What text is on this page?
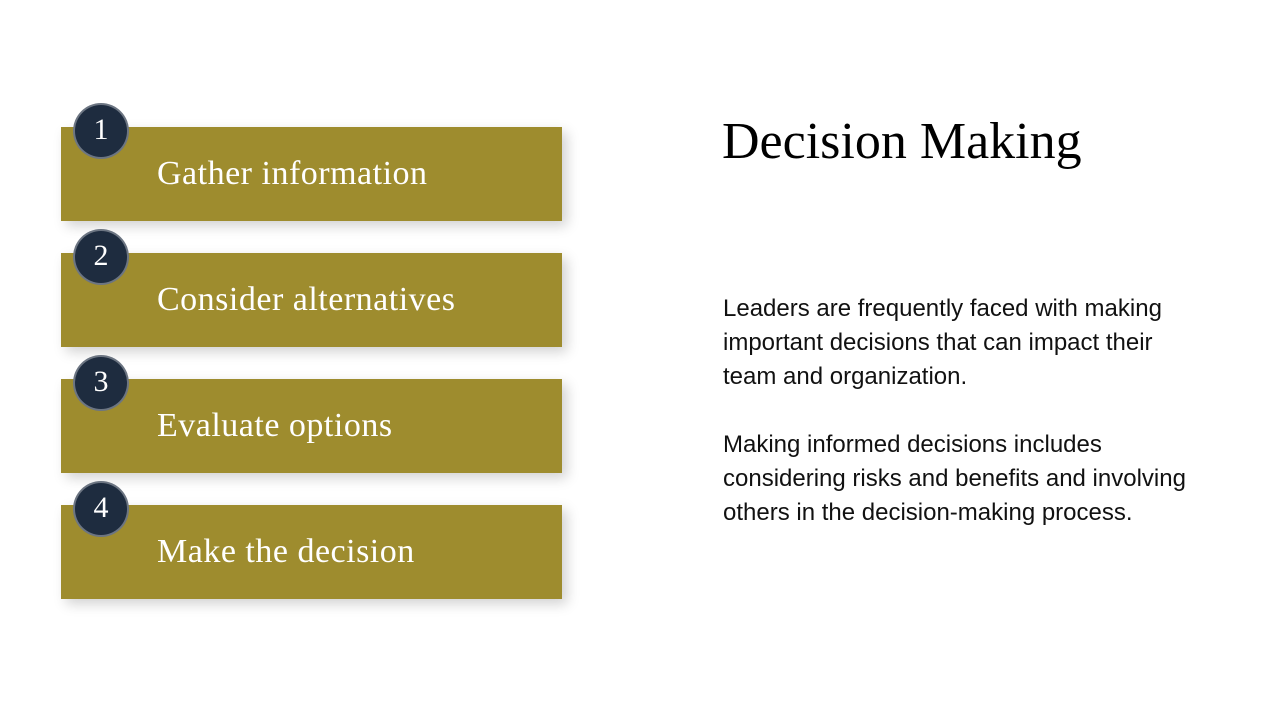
1
Gather information
2
Consider alternatives
3
Evaluate options
4
Make the decision
Decision Making

Leaders are frequently faced with making important decisions that can impact their team and organization.

Making informed decisions includes considering risks and benefits and involving others in the decision-making process.
